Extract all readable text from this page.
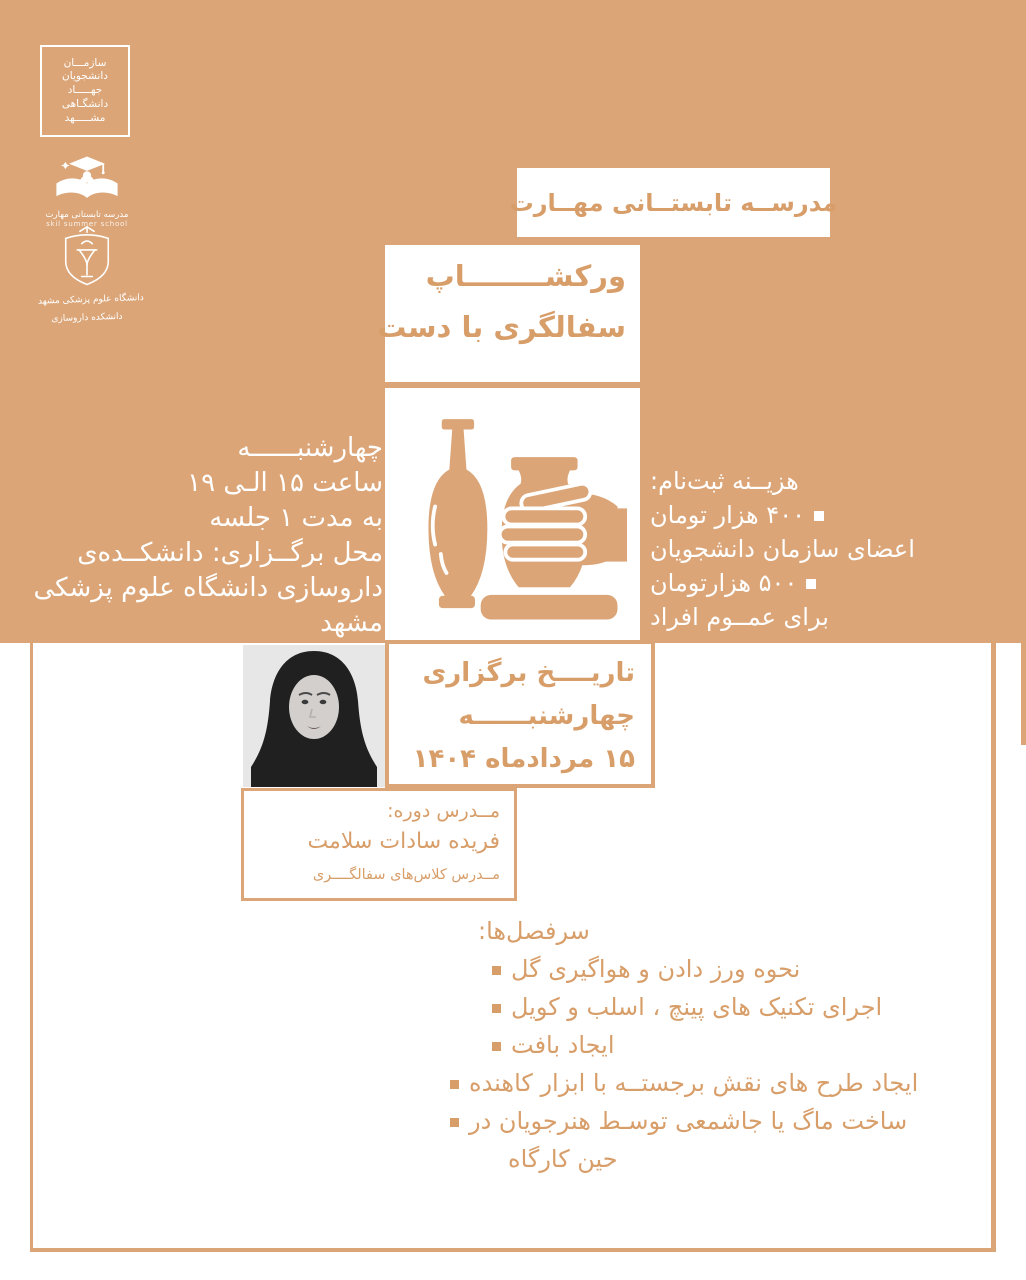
سازمـــان
دانشجویان
جهـــــاد
دانشگـاهی
مشـــــهد
مدرسه تابستانی مهارت
skil summer school
دانشگاه علوم پزشکی مشهد
دانشکده داروسازی
مدرســه تابستــانی مهــارت
ورکشــــــــاپ
سفالگری با دست
چهارشنبــــــه
ساعت ۱۵ الـی ۱۹
به مدت ۱ جلسه
محل برگــزاری: دانشکــده‌ی
داروسازی دانشگاه علوم پزشکی
مشهد
هزیــنه ثبت‌نام:
۴۰۰ هزار تومان
اعضای سازمان دانشجویان
۵۰۰ هزارتومان
برای عمــوم افراد
تاریــــخ برگزاری
چهارشنبــــــه
۱۵ مردادماه ۱۴۰۴
مــدرس دوره:
فریده سادات سلامت
مــدرس کلاس‌های سفالگــــری
سرفصل‌ها:
نحوه ورز دادن و هواگیری گل
اجرای تکنیک های پینچ ، اسلب و کویل
ایجاد بافت
ایجاد طرح های نقش برجستــه با ابزار کاهنده
ساخت ماگ یا جاشمعی توسـط هنرجویان در
حین کارگاه
